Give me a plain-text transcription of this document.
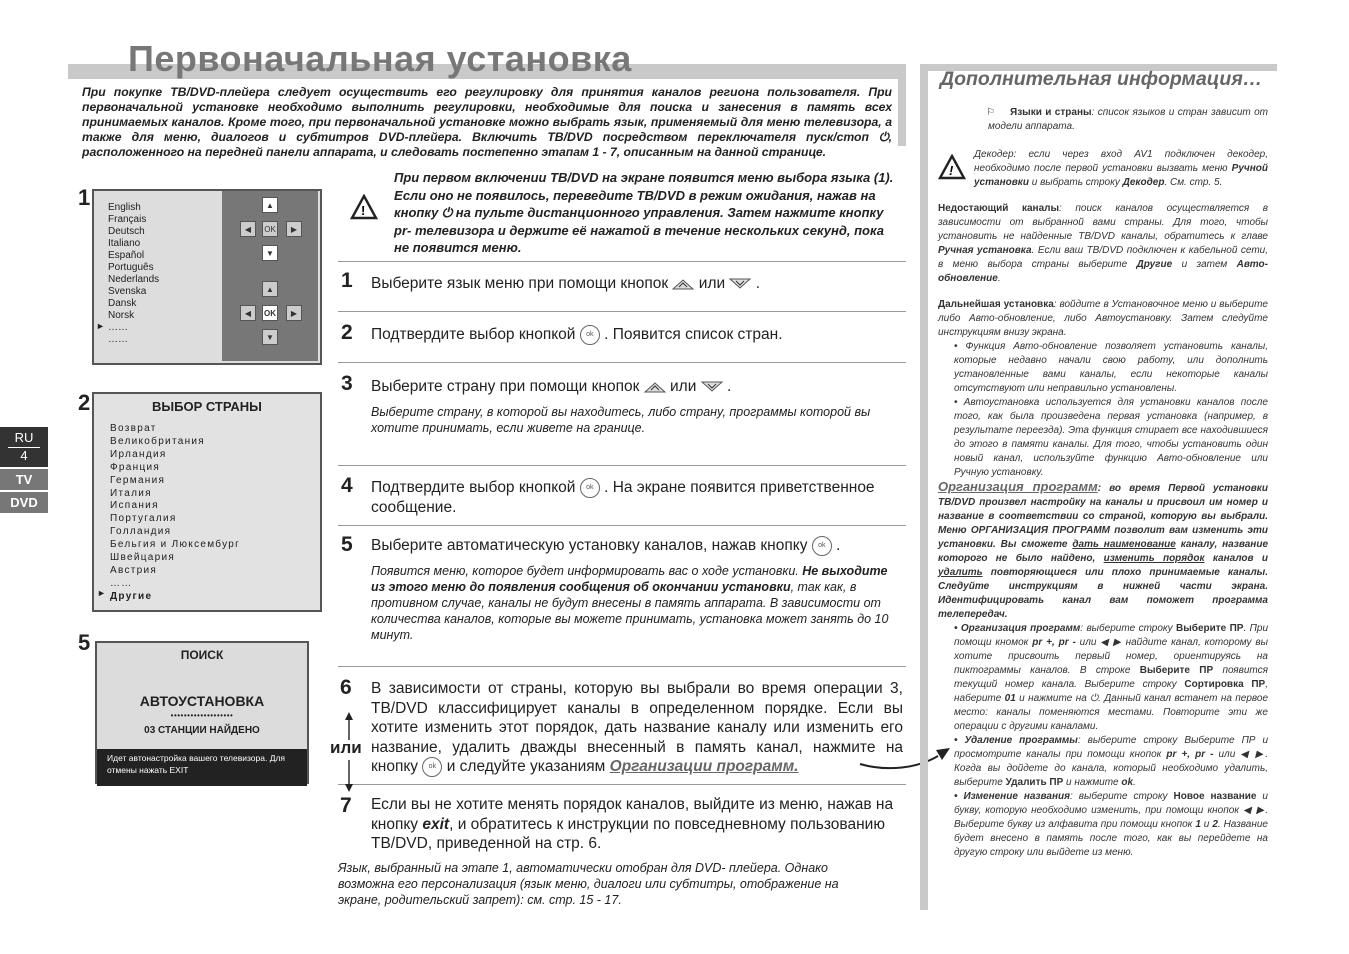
Первоначальная установка
При покупке ТВ/DVD-плейера следует осуществить его регулировку для принятия каналов региона пользователя. При первоначальной установке необходимо выполнить регулировки, необходимые для поиска и занесения в память всех принимаемых каналов. Кроме того, при первоначальной установке можно выбрать язык, применяемый для меню телевизора, а также для меню, диалогов и субтитров DVD-плейера. Включить ТВ/DVD посредством переключателя пуск/стоп ⏻, расположенного на передней панели аппарата, и следовать постепенно этапам 1 - 7, описанным на данной странице.
RU
4
TV
DVD
1 English
Français
Deutsch
Italiano
Español
Português
Nederlands
Svenska
Dansk
Norsk
……
……
►
▲
◀	OK	▶
▼
▲
◀	OK	▶
▼
2	ВЫБОР СТРАНЫ
Возврат
Великобритания
Ирландия
Франция
Германия
Италия
Испания
Португалия
Голландия
Бельгия и Люксембург
Швейцария
Австрия
……
Другие
►
5	ПОИСК
АВТОУСТАНОВКА
•••••••••••••••••••
03 СТАНЦИИ НАЙДЕНО
Идет автонастройка вашего телевизора. Для отмены нажать EXIT
!
При первом включении ТВ/DVD на экране появится меню выбора языка (1). Если оно не появилось, переведите ТВ/DVD в режим ожидания, нажав на кнопку ⏻ на пульте дистанционного управления. Затем нажмите кнопку pr- телевизора и держите её нажатой в течение нескольких секунд, пока не появится меню.
1 Выберите язык меню при помощи кнопок или .
2 Подтвердите выбор кнопкой ok . Появится список стран.
3 Выберите страну при помощи кнопок или .
Выберите страну, в которой вы находитесь, либо страну, программы которой вы хотите принимать, если живете на границе.
4 Подтвердите выбор кнопкой ok . На экране появится приветственное сообщение.
5 Выберите автоматическую установку каналов, нажав кнопку ok .
Появится меню, которое будет информировать вас о ходе установки. Не выходите из этого меню до появления сообщения об окончании установки, так как, в противном случае, каналы не будут внесены в память аппарата. В зависимости от количества каналов, которые вы можете принимать, установка может занять до 10 минут.
6
или
В зависимости от страны, которую вы выбрали во время операции 3, ТВ/DVD классифицирует каналы в определенном порядке. Если вы хотите изменить этот порядок, дать название каналу или изменить его название, удалить дважды внесенный в память канал, нажмите на кнопку ok и следуйте указаниям Организации программ.
7 Если вы не хотите менять порядок каналов, выйдите из меню, нажав на кнопку exit, и обратитесь к инструкции по повседневному пользованию ТВ/DVD, приведенной на стр. 6.
Язык, выбранный на этапе 1, автоматически отобран для DVD- плейера. Однако возможна его персонализация (язык меню, диалоги или субтитры, отображение на экране, родительский запрет): см. стр. 15 - 17.
Дополнительная информация…

⚐ Языки и страны: список языков и стран зависит от модели аппарата.

!

Декодер: если через вход AV1 подключен декодер, необходимо после первой установки вызвать меню Ручной установки и выбрать строку Декодер. См. стр. 5.

Недостающий каналы: поиск каналов осуществляется в зависимости от выбранной вами страны. Для того, чтобы установить не найденные ТВ/DVD каналы, обратитесь к главе Ручная установка. Если ваш ТВ/DVD подключен к кабельной сети, в меню выбора страны выберите Другие и затем Авто-обновление.

Дальнейшая установка: войдите в Установочное меню и выберите либо Авто-обновление, либо Автоустановку. Затем следуйте инструкциям внизу экрана.

• Функция Авто-обновление позволяет установить каналы, которые недавно начали свою работу, или дополнить установленные вами каналы, если некоторые каналы отсутствуют или неправильно установлены.

• Автоустановка используется для установки каналов после того, как была произведена первая установка (например, в результате переезда). Эта функция стирает все находившиеся до этого в памяти каналы. Для того, чтобы установить один новый канал, используйте функцию Авто-обновление или Ручную установку.

Организация программ: во время Первой установки ТВ/DVD произвел настройку на каналы и присвоил им номер и название в соответствии со страной, которую вы выбрали. Меню ОРГАНИЗАЦИЯ ПРОГРАММ позволит вам изменить эти установки. Вы сможете дать наименование каналу, название которого не было найдено, изменить порядок каналов и удалить повторяющиеся или плохо принимаемые каналы. Следуйте инструкциям в нижней части экрана. Идентифицировать канал вам поможет программа телепередач.

• Организация программ: выберите строку Выберите ПР. При помощи кномок pr +, pr - или ◀ ▶ найдите канал, которому вы хотите присвоить первый номер, ориентируясь на пиктограммы каналов. В строке Выберите ПР появится текущий номер канала. Выберите строку Сортировка ПР, наберите 01 и нажмите на ⏻. Данный канал встанет на первое место: каналы поменяются местами. Повторите эти же операции с другими каналами.

• Удаление программы: выберите строку Выберите ПР и просмотрите каналы при помощи кнопок pr +, pr - или ◀ ▶. Когда вы дойдете до канала, который необходимо удалить, выберите Удалить ПР и нажмите ok.

• Изменение названия: выберите строку Новое название и букву, которую необходимо изменить, при помощи кнопок ◀ ▶. Выберите букву из алфавита при помощи кнопок 1 и 2. Название будет внесено в память после того, как вы перейдете на другую строку или выйдете из меню.
